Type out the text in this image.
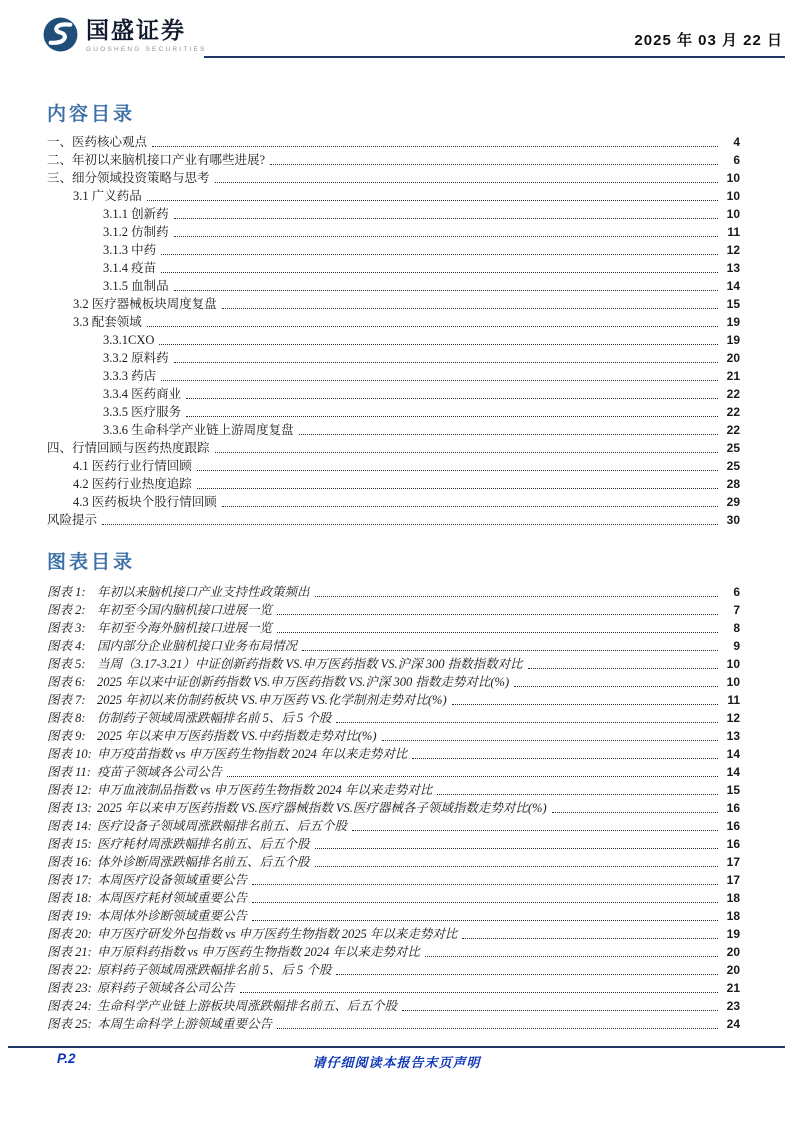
国盛证券
GUOSHENG SECURITIES
2025 年 03 月 22 日
内容目录
一、医药核心观点	4
二、年初以来脑机接口产业有哪些进展?	6
三、细分领域投资策略与思考	10
3.1 广义药品	10
3.1.1 创新药	10
3.1.2 仿制药	11
3.1.3 中药	12
3.1.4 疫苗	13
3.1.5 血制品	14
3.2 医疗器械板块周度复盘	15
3.3 配套领域	19
3.3.1CXO	19
3.3.2 原料药	20
3.3.3 药店	21
3.3.4 医药商业	22
3.3.5 医疗服务	22
3.3.6 生命科学产业链上游周度复盘	22
四、行情回顾与医药热度跟踪	25
4.1 医药行业行情回顾	25
4.2 医药行业热度追踪	28
4.3 医药板块个股行情回顾	29
风险提示	30
图表目录
图表 1: 年初以来脑机接口产业支持性政策频出	6
图表 2: 年初至今国内脑机接口进展一览	7
图表 3: 年初至今海外脑机接口进展一览	8
图表 4: 国内部分企业脑机接口业务布局情况	9
图表 5: 当周（3.17-3.21）中证创新药指数 VS.申万医药指数 VS.沪深 300 指数指数对比	10
图表 6: 2025 年以来中证创新药指数 VS.申万医药指数 VS.沪深 300 指数走势对比(%)	10
图表 7: 2025 年初以来仿制药板块 VS.申万医药 VS.化学制剂走势对比(%)	11
图表 8: 仿制药子领域周涨跌幅排名前 5、后 5 个股	12
图表 9: 2025 年以来申万医药指数 VS.中药指数走势对比(%)	13
图表 10: 申万疫苗指数 vs 申万医药生物指数 2024 年以来走势对比	14
图表 11: 疫苗子领域各公司公告	14
图表 12: 申万血液制品指数 vs 申万医药生物指数 2024 年以来走势对比	15
图表 13: 2025 年以来申万医药指数 VS.医疗器械指数 VS.医疗器械各子领域指数走势对比(%)	16
图表 14: 医疗设备子领域周涨跌幅排名前五、后五个股	16
图表 15: 医疗耗材周涨跌幅排名前五、后五个股	16
图表 16: 体外诊断周涨跌幅排名前五、后五个股	17
图表 17: 本周医疗设备领域重要公告	17
图表 18: 本周医疗耗材领域重要公告	18
图表 19: 本周体外诊断领域重要公告	18
图表 20: 申万医疗研发外包指数 vs 申万医药生物指数 2025 年以来走势对比	19
图表 21: 申万原料药指数 vs 申万医药生物指数 2024 年以来走势对比	20
图表 22: 原料药子领域周涨跌幅排名前 5、后 5 个股	20
图表 23: 原料药子领域各公司公告	21
图表 24: 生命科学产业链上游板块周涨跌幅排名前五、后五个股	23
图表 25: 本周生命科学上游领域重要公告	24
P.2	请仔细阅读本报告末页声明
